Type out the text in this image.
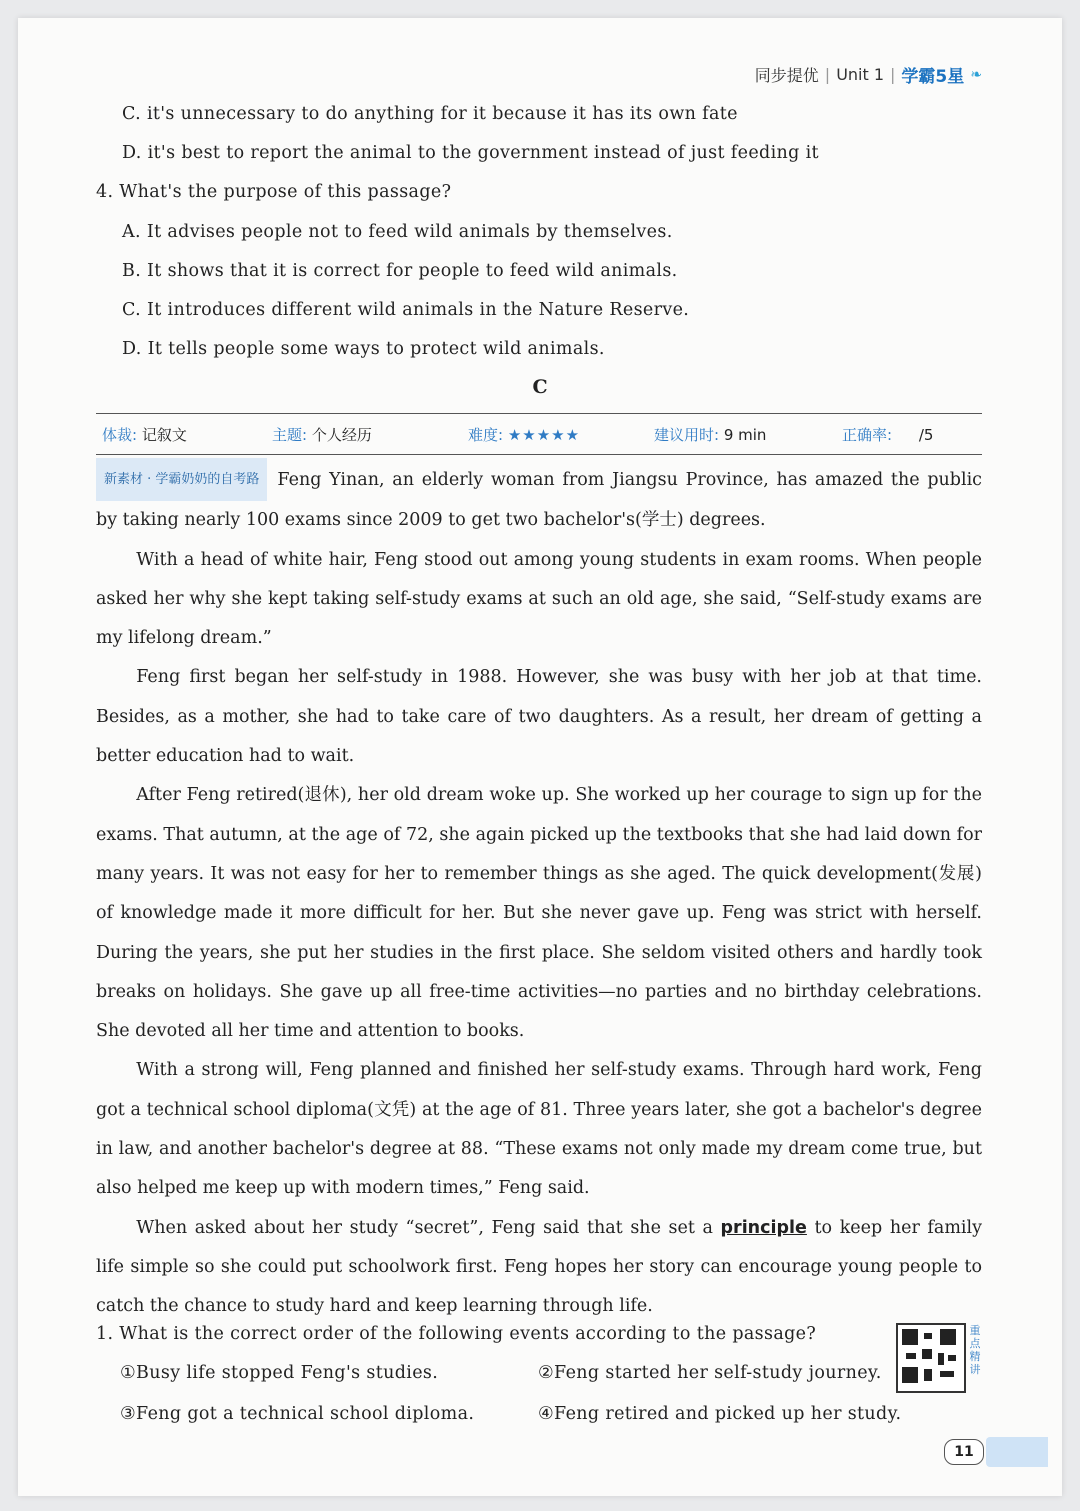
同步提优 | Unit 1 | 学霸5星 ❧
C. it's unnecessary to do anything for it because it has its own fate
D. it's best to report the animal to the government instead of just feeding it
4. What's the purpose of this passage?
A. It advises people not to feed wild animals by themselves.
B. It shows that it is correct for people to feed wild animals.
C. It introduces different wild animals in the Nature Reserve.
D. It tells people some ways to protect wild animals.
C
体裁: 记叙文	主题: 个人经历	难度: ★★★★★	建议用时: 9 min	正确率: /5

新素材 · 学霸奶奶的自考路 Feng Yinan, an elderly woman from Jiangsu Province, has amazed the public by taking nearly 100 exams since 2009 to get two bachelor's(学士) degrees.

With a head of white hair, Feng stood out among young students in exam rooms. When people asked her why she kept taking self-study exams at such an old age, she said, “Self-study exams are my lifelong dream.”

Feng first began her self-study in 1988. However, she was busy with her job at that time. Besides, as a mother, she had to take care of two daughters. As a result, her dream of getting a better education had to wait.

After Feng retired(退休), her old dream woke up. She worked up her courage to sign up for the exams. That autumn, at the age of 72, she again picked up the textbooks that she had laid down for many years. It was not easy for her to remember things as she aged. The quick development(发展) of knowledge made it more difficult for her. But she never gave up. Feng was strict with herself. During the years, she put her studies in the first place. She seldom visited others and hardly took breaks on holidays. She gave up all free-time activities—no parties and no birthday celebrations. She devoted all her time and attention to books.

With a strong will, Feng planned and finished her self-study exams. Through hard work, Feng got a technical school diploma(文凭) at the age of 81. Three years later, she got a bachelor's degree in law, and another bachelor's degree at 88. “These exams not only made my dream come true, but also helped me keep up with modern times,” Feng said.

When asked about her study “secret”, Feng said that she set a principle to keep her family life simple so she could put schoolwork first. Feng hopes her story can encourage young people to catch the chance to study hard and keep learning through life.

1. What is the correct order of the following events according to the passage?
①Busy life stopped Feng's studies.	②Feng started her self-study journey.
③Feng got a technical school diploma.	④Feng retired and picked up her study.
重点精讲
11
